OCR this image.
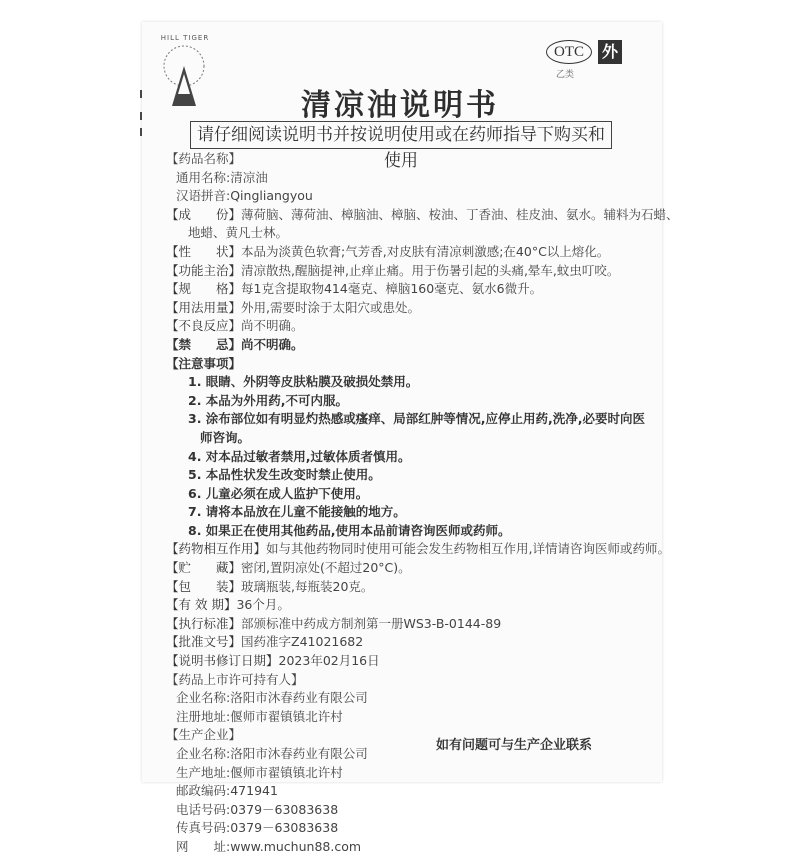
HILL TIGER
OTC
乙类
外
清凉油说明书
请仔细阅读说明书并按说明使用或在药师指导下购买和使用
【药品名称】
通用名称:清凉油
汉语拼音:Qingliangyou
【成　　份】薄荷脑、薄荷油、樟脑油、樟脑、桉油、丁香油、桂皮油、氨水。辅料为石蜡、
地蜡、黄凡士林。
【性　　状】本品为淡黄色软膏;气芳香,对皮肤有清凉刺激感;在40°C以上熔化。
【功能主治】清凉散热,醒脑提神,止痒止痛。用于伤暑引起的头痛,晕车,蚊虫叮咬。
【规　　格】每1克含提取物414毫克、樟脑160毫克、氨水6微升。
【用法用量】外用,需要时涂于太阳穴或患处。
【不良反应】尚不明确。
【禁　　忌】尚不明确。
【注意事项】
1. 眼睛、外阴等皮肤粘膜及破损处禁用。
2. 本品为外用药,不可内服。
3. 涂布部位如有明显灼热感或瘙痒、局部红肿等情况,应停止用药,洗净,必要时向医
师咨询。
4. 对本品过敏者禁用,过敏体质者慎用。
5. 本品性状发生改变时禁止使用。
6. 儿童必须在成人监护下使用。
7. 请将本品放在儿童不能接触的地方。
8. 如果正在使用其他药品,使用本品前请咨询医师或药师。
【药物相互作用】如与其他药物同时使用可能会发生药物相互作用,详情请咨询医师或药师。
【贮　　藏】密闭,置阴凉处(不超过20°C)。
【包　　装】玻璃瓶装,每瓶装20克。
【有 效 期】36个月。
【执行标准】部颁标准中药成方制剂第一册WS3-B-0144-89
【批准文号】国药准字Z41021682
【说明书修订日期】2023年02月16日
【药品上市许可持有人】
企业名称:洛阳市沐春药业有限公司
注册地址:偃师市翟镇镇北许村
【生产企业】
企业名称:洛阳市沐春药业有限公司
生产地址:偃师市翟镇镇北许村
邮政编码:471941
电话号码:0379－63083638
传真号码:0379－63083638
网　　址:www.muchun88.com
如有问题可与生产企业联系
